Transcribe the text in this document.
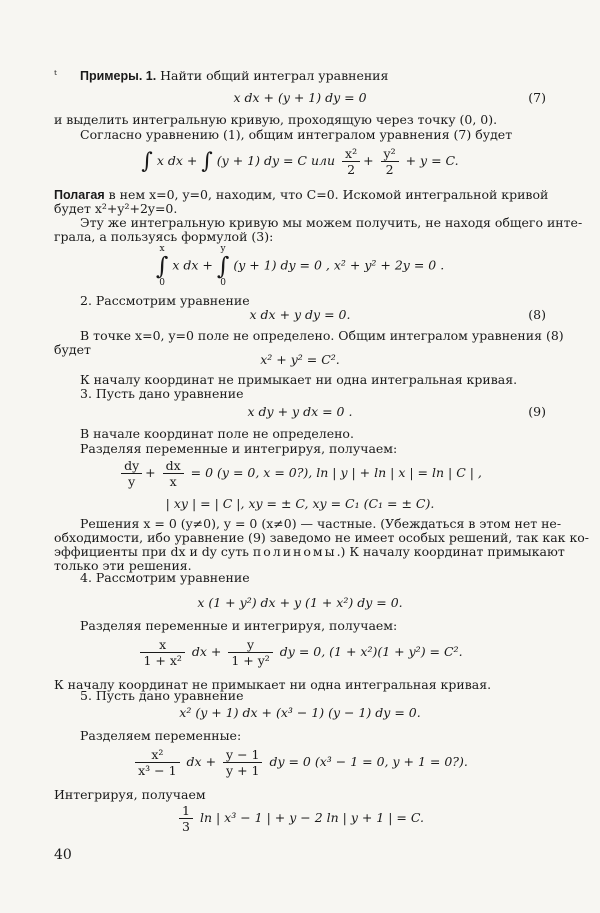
ᵗ Примеры. 1. Найти общий интеграл уравнения
x dx + (y + 1) dy = 0	(7)
и выделить интегральную кривую, проходящую через точку (0, 0).
Согласно уравнению (1), общим интегралом уравнения (7) будет
∫ x dx + ∫ (y + 1) dy = C или $\frac{\text{x²}}{2} + \frac{\text{y²}}{2} + y = C$.
Полагая в нем x=0, y=0, находим, что C=0. Искомой интегральной кривой
будет x²+y²+2y=0.
Эту же интегральную кривую мы можем получить, не находя общего инте-
грала, а пользуясь формулой (3):
x
∫
0 x dx + y
∫
0 (y + 1) dy = 0 , x² + y² + 2y = 0 .
2. Рассмотрим уравнение
x dx + y dy = 0.	(8)
В точке x=0, y=0 поле не определено. Общим интегралом уравнения (8)
будет
x² + y² = C².
К началу координат не примыкает ни одна интегральная кривая.
3. Пусть дано уравнение
x dy + y dx = 0 .	(9)
В начале координат поле не определено.
Разделяя переменные и интегрируя, получаем:
$\frac{dy}{y} + \frac{dx}{x} = 0$ (y = 0, x = 0?), ln | y | + ln | x | = ln | C | ,
| xy | = | C |, xy = ± C, xy = C₁ (C₁ = ± C).
Решения x = 0 (y≠0), y = 0 (x≠0) — частные. (Убеждаться в этом нет не-
обходимости, ибо уравнение (9) заведомо не имеет особых решений, так как ко-
эффициенты при dx и dy суть полиномы.) К началу координат примыкают
только эти решения.
4. Рассмотрим уравнение
x (1 + y²) dx + y (1 + x²) dy = 0.
Разделяя переменные и интегрируя, получаем:
$\frac{x}{\text{1 + x²}}$ dx + $\frac{y}{\text{1 + y²}}$ dy = 0, (1 + x²)(1 + y²) = C².
К началу координат не примыкает ни одна интегральная кривая.
5. Пусть дано уравнение
x² (y + 1) dx + (x³ − 1) (y − 1) dy = 0.
Разделяем переменные:
$\frac{\text{x²}}{\text{x³ − 1}}$ dx + $\frac{y - 1}{y + 1}$ dy = 0 (x³ − 1 = 0, y + 1 = 0?).
Интегрируя, получаем
$\frac{1}{3}$ ln | x³ − 1 | + y − 2 ln | y + 1 | = C.
40
